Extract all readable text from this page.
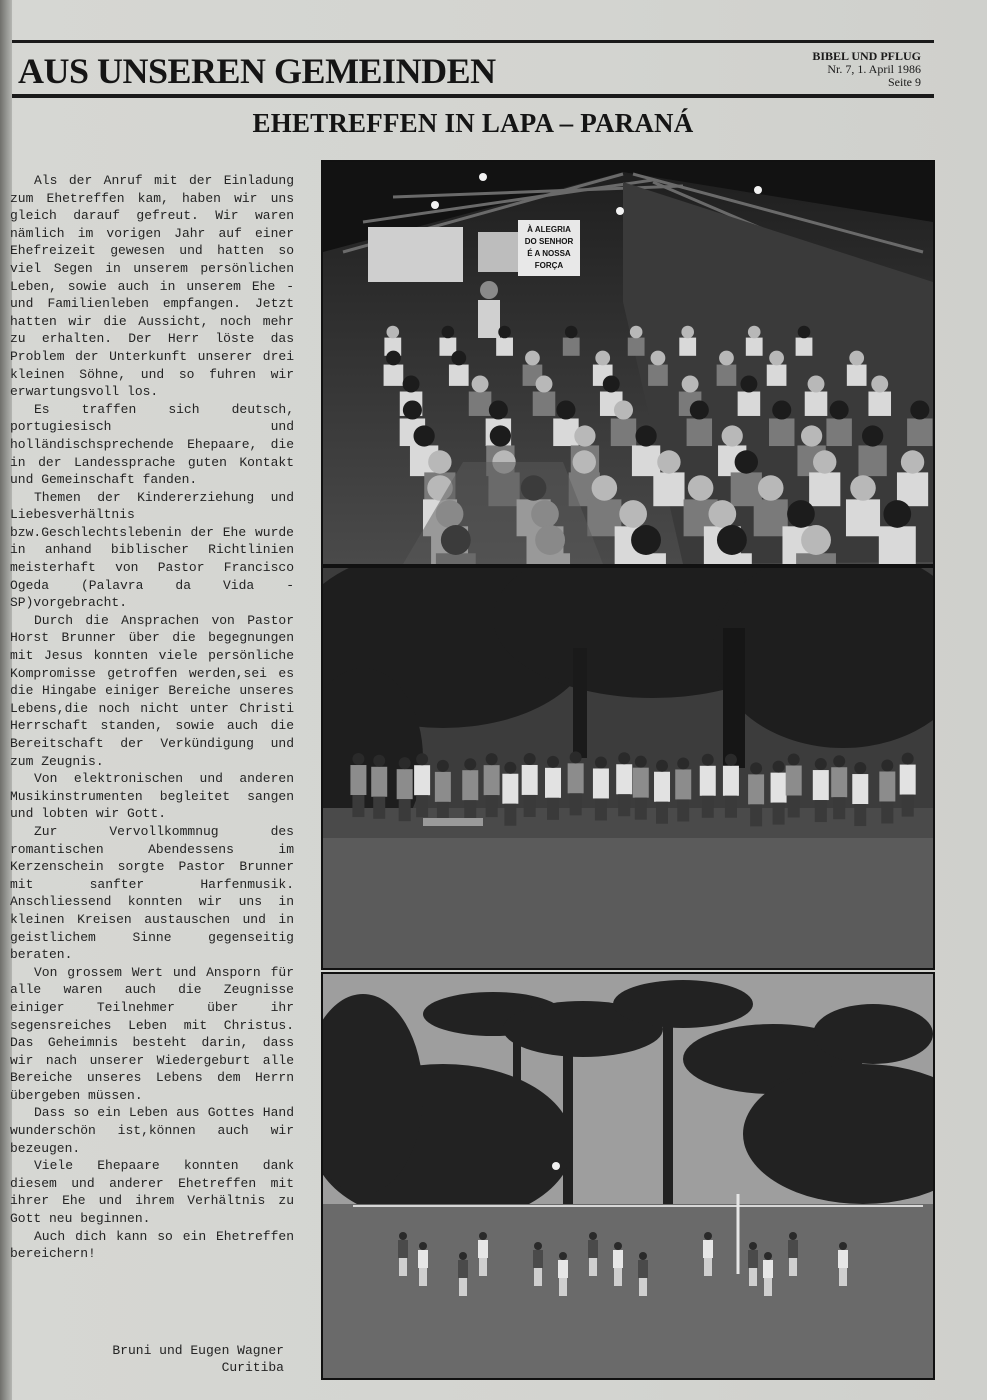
AUS UNSEREN GEMEINDEN	BIBEL UND PFLUG
Nr. 7, 1. April 1986
Seite 9
EHETREFFEN IN LAPA – PARANÁ

Als der Anruf mit der Einladung zum Ehetreffen kam, haben wir uns gleich darauf gefreut. Wir waren nämlich im vorigen Jahr auf einer Ehefreizeit gewesen und hatten so viel Segen in unserem persönlichen Leben, sowie auch in unserem Ehe - und Familienleben empfangen. Jetzt hatten wir die Aussicht, noch mehr zu erhalten. Der Herr löste das Problem der Unterkunft unserer drei kleinen Söhne, und so fuhren wir erwartungsvoll los.

Es traffen sich deutsch, portugiesisch und holländischsprechende Ehepaare, die in der Landessprache guten Kontakt und Gemeinschaft fanden.

Themen der Kindererziehung und Liebesverhältnis bzw.Geschlechtslebenin der Ehe wurde in anhand biblischer Richtlinien meisterhaft von Pastor Francisco Ogeda (Palavra da Vida -SP)vorgebracht.

Durch die Ansprachen von Pastor Horst Brunner über die begegnungen mit Jesus konnten viele persönliche Kompromisse getroffen werden,sei es die Hingabe einiger Bereiche unseres Lebens,die noch nicht unter Christi Herrschaft standen, sowie auch die Bereitschaft der Verkündigung und zum Zeugnis.

Von elektronischen und anderen Musikinstrumenten begleitet sangen und lobten wir Gott.

Zur Vervollkommnug des romantischen Abendessens im Kerzenschein sorgte Pastor Brunner mit sanfter Harfenmusik. Anschliessend konnten wir uns in kleinen Kreisen austauschen und in geistlichem Sinne gegenseitig beraten.

Von grossem Wert und Ansporn für alle waren auch die Zeugnisse einiger Teilnehmer über ihr segensreiches Leben mit Christus. Das Geheimnis besteht darin, dass wir nach unserer Wiedergeburt alle Bereiche unseres Lebens dem Herrn übergeben müssen.

Dass so ein Leben aus Gottes Hand wunderschön ist,können auch wir bezeugen.

Viele Ehepaare konnten dank diesem und anderer Ehetreffen mit ihrer Ehe und ihrem Verhältnis zu Gott neu beginnen.

Auch dich kann so ein Ehetreffen bereichern!

Bruni und Eugen Wagner
Curitiba
À ALEGRIA DO SENHOR É A NOSSA FORÇA
